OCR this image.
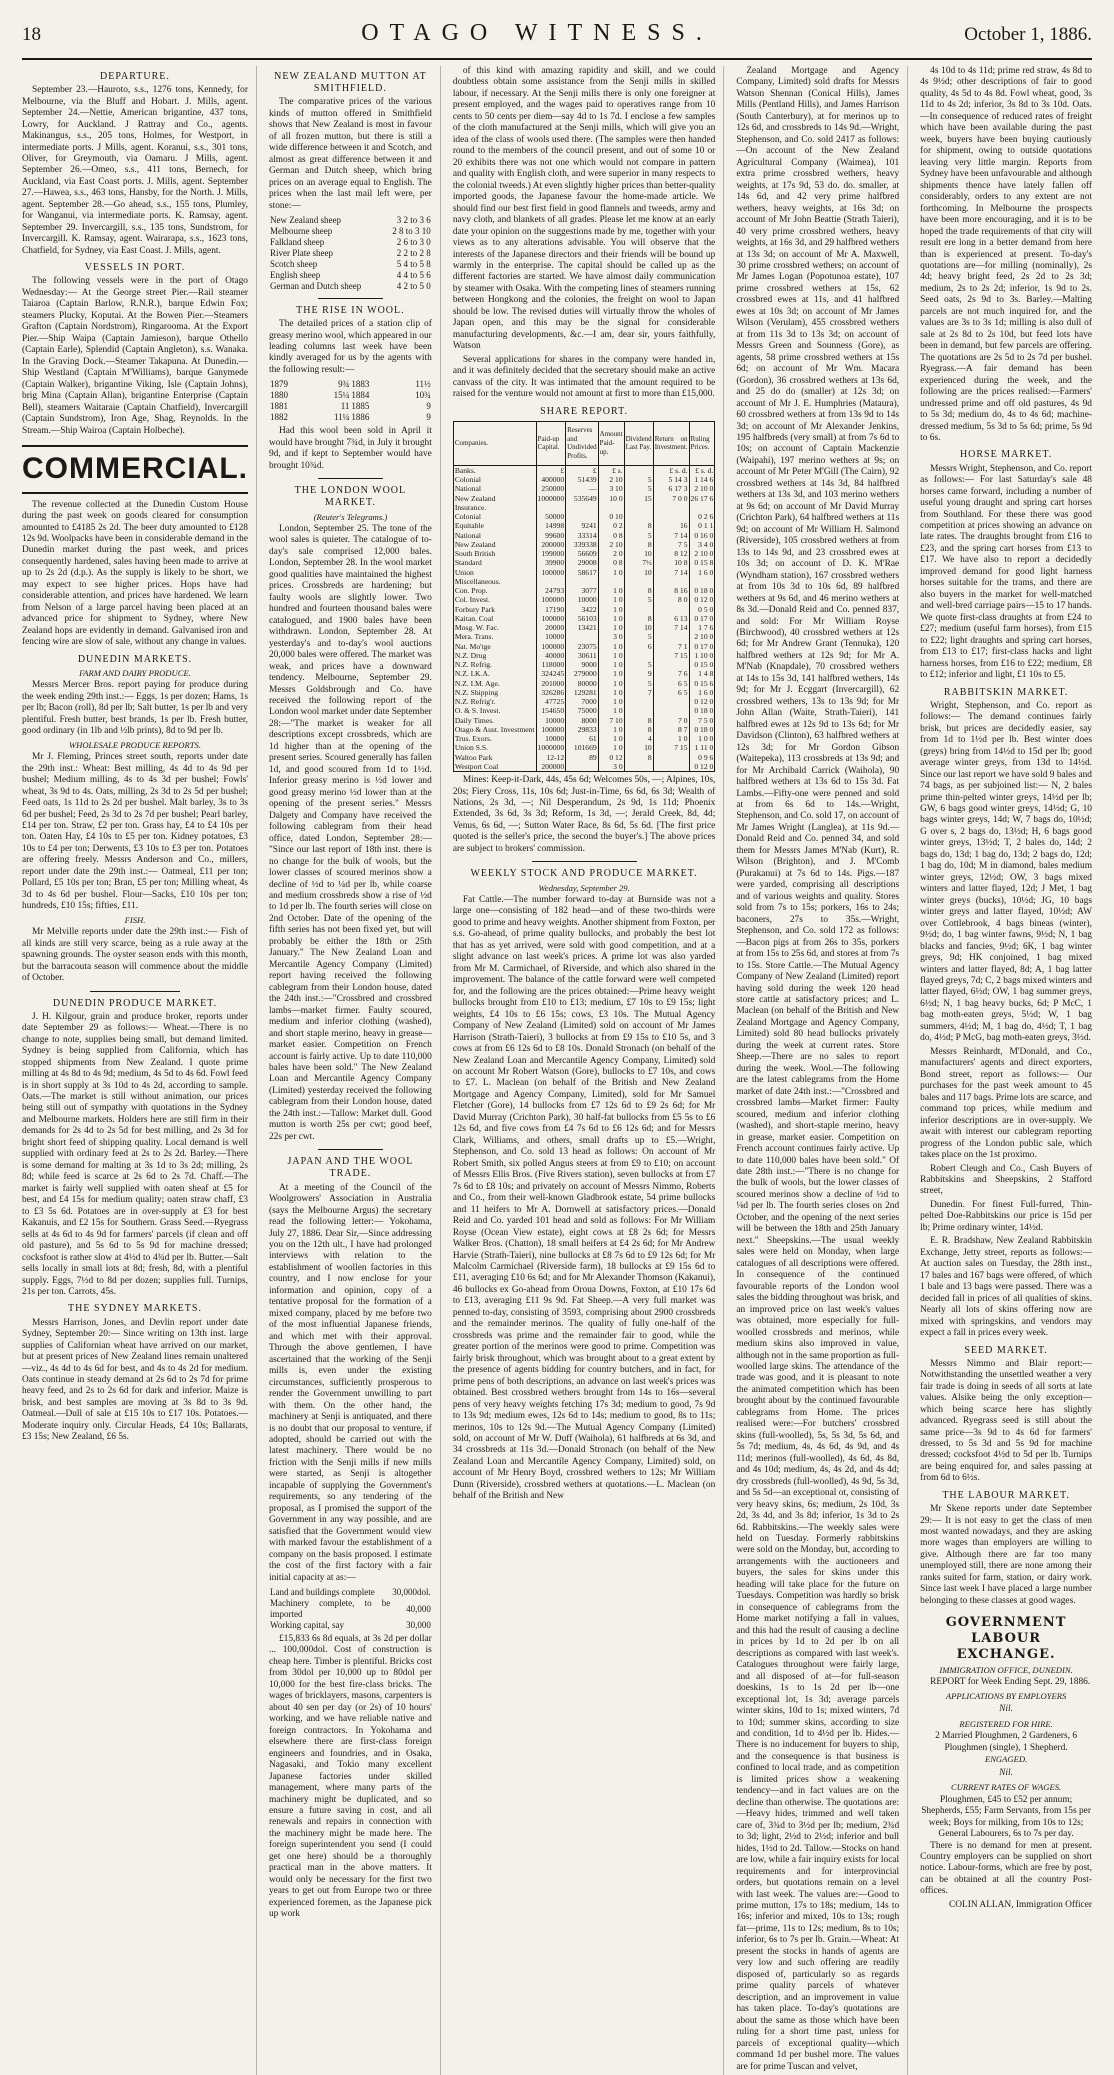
18	OTAGO WITNESS.	October 1, 1886.
DEPARTURE.

September 23.—Hauroto, s.s., 1276 tons, Kennedy, for Melbourne, via the Bluff and Hobart. J. Mills, agent. September 24.—Nettie, American brigantine, 437 tons, Lowry, for Auckland. J Rattray and Co., agents. Makinangus, s.s., 205 tons, Holmes, for Westport, in intermediate ports. J Mills, agent. Koranui, s.s., 301 tons, Oliver, for Greymouth, via Oamaru. J Mills, agent. September 26.—Omeo, s.s., 411 tons, Bernech, for Auckland, via East Coast ports. J. Mills, agent. September 27.—Hawea, s.s., 463 tons, Hansby, for the North. J. Mills, agent. September 28.—Go ahead, s.s., 155 tons, Plumley, for Wanganui, via intermediate ports. K. Ramsay, agent. September 29. Invercargill, s.s., 135 tons, Sundstrom, for Invercargill. K. Ramsay, agent. Wairarapa, s.s., 1623 tons, Chatfield, for Sydney, via East Coast. J. Mills, agent.

VESSELS IN PORT.

The following vessels were in the port of Otago Wednesday:— At the George street Pier.—Rail steamer Taiaroa (Captain Barlow, R.N.R.), barque Edwin Fox; steamers Plucky, Koputai. At the Bowen Pier.—Steamers Grafton (Captain Nordstrom), Ringarooma. At the Export Pier.—Ship Waipa (Captain Jamieson), barque Othello (Captain Earle), Splendid (Captain Angleton), s.s. Wanaka. In the Graving Dock.—Steamer Takapuna. At Dunedin.—Ship Westland (Captain M'Williams), barque Ganymede (Captain Walker), brigantine Viking, Isle (Captain Johns), brig Mina (Captain Allan), brigantine Enterprise (Captain Bell), steamers Waitaraie (Captain Chatfield), Invercargill (Captain Sundstrom), Iron Age, Shag, Reynolds. In the Stream.—Ship Wairoa (Captain Holbeche).

COMMERCIAL.

The revenue collected at the Dunedin Custom House during the past week on goods cleared for consumption amounted to £4185 2s 2d. The beer duty amounted to £128 12s 9d. Woolpacks have been in considerable demand in the Dunedin market during the past week, and prices consequently hardened, sales having been made to arrive at up to 2s 2d (d.p.). As the supply is likely to be short, we may expect to see higher prices. Hops have had considerable attention, and prices have hardened. We learn from Nelson of a large parcel having been placed at an advanced price for shipment to Sydney, where New Zealand hops are evidently in demand. Galvanised iron and fencing wire are slow of sale, without any change in values.

DUNEDIN MARKETS.
FARM AND DAIRY PRODUCE.

Messrs Mercer Bros. report paying for produce during the week ending 29th inst.:— Eggs, 1s per dozen; Hams, 1s per lb; Bacon (roll), 8d per lb; Salt butter, 1s per lb and very plentiful. Fresh butter, best brands, 1s per lb. Fresh butter, good ordinary (in 1lb and ½lb prints), 8d to 9d per lb.

WHOLESALE PRODUCE REPORTS.

Mr J. Fleming, Princes street south, reports under date the 29th inst.: Wheat: Best milling, 4s 4d to 4s 9d per bushel; Medium milling, 4s to 4s 3d per bushel; Fowls' wheat, 3s 9d to 4s. Oats, milling, 2s 3d to 2s 5d per bushel; Feed oats, 1s 11d to 2s 2d per bushel. Malt barley, 3s to 3s 6d per bushel; Feed, 2s 3d to 2s 7d per bushel; Pearl barley, £14 per ton. Straw, £2 per ton. Grass hay, £4 to £4 10s per ton. Oaten Hay, £4 10s to £5 per ton. Kidney potatoes, £3 10s to £4 per ton; Derwents, £3 10s to £3 per ton. Potatoes are offering freely. Messrs Anderson and Co., millers, report under date the 29th inst.:— Oatmeal, £11 per ton; Pollard, £5 10s per ton; Bran, £5 per ton; Milling wheat, 4s 3d to 4s 6d per bushel. Flour—Sacks, £10 10s per ton; hundreds, £10 15s; fifties, £11.

FISH.

Mr Melville reports under date the 29th inst.:— Fish of all kinds are still very scarce, being as a rule away at the spawning grounds. The oyster season ends with this month, but the barracouta season will commence about the middle of October.

DUNEDIN PRODUCE MARKET.

J. H. Kilgour, grain and produce broker, reports under date September 29 as follows:— Wheat.—There is no change to note, supplies being small, but demand limited. Sydney is being supplied from California, which has stopped shipments from New Zealand. I quote prime milling at 4s 8d to 4s 9d; medium, 4s 5d to 4s 6d. Fowl feed is in short supply at 3s 10d to 4s 2d, according to sample. Oats.—The market is still without animation, our prices being still out of sympathy with quotations in the Sydney and Melbourne markets. Holders here are still firm in their demands for 2s 4d to 2s 5d for best milling, and 2s 3d for bright short feed of shipping quality. Local demand is well supplied with ordinary feed at 2s to 2s 2d. Barley.—There is some demand for malting at 3s 1d to 3s 2d; milling, 2s 8d; while feed is scarce at 2s 6d to 2s 7d. Chaff.—The market is fairly well supplied with oaten sheaf at £5 for best, and £4 15s for medium quality; oaten straw chaff, £3 to £3 5s 6d. Potatoes are in over-supply at £3 for best Kakanuis, and £2 15s for Southern. Grass Seed.—Ryegrass sells at 4s 6d to 4s 9d for farmers' parcels (if clean and off old pasture), and 5s 6d to 5s 9d for machine dressed; cocksfoot is rather slow at 4½d to 4¾d per lb. Butter.—Salt sells locally in small lots at 8d; fresh, 8d, with a plentiful supply. Eggs, 7½d to 8d per dozen; supplies full. Turnips, 21s per ton. Carrots, 45s.

THE SYDNEY MARKETS.

Messrs Harrison, Jones, and Devlin report under date Sydney, September 20:— Since writing on 13th inst. large supplies of Californian wheat have arrived on our market, but at present prices of New Zealand lines remain unaltered—viz., 4s 4d to 4s 6d for best, and 4s to 4s 2d for medium. Oats continue in steady demand at 2s 6d to 2s 7d for prime heavy feed, and 2s to 2s 6d for dark and inferior. Maize is brisk, and best samples are moving at 3s 8d to 3s 9d. Oatmeal.—Dull of sale at £15 10s to £17 10s. Potatoes.—Moderate inquiry only. Circular Heads, £4 10s; Ballarats, £3 15s; New Zealand, £6 5s.

NEW ZEALAND MUTTON AT SMITHFIELD.

The comparative prices of the various kinds of mutton offered in Smithfield shows that New Zealand is most in favour of all frozen mutton, but there is still a wide difference between it and Scotch, and almost as great difference between it and German and Dutch sheep, which bring prices on an average equal to English. The prices when the last mail left were, per stone:—

New Zealand sheep	3 2 to 3 6
Melbourne sheep	2 8 to 3 10
Falkland sheep	2 6 to 3 0
River Plate sheep	2 2 to 2 8
Scotch sheep	5 4 to 5 8
English sheep	4 4 to 5 6
German and Dutch sheep	4 2 to 5 0
THE RISE IN WOOL.

The detailed prices of a station clip of greasy merino wool, which appeared in our leading columns last week have been kindly averaged for us by the agents with the following result:—

1879	9¾	1883	11½
1880	15¼	1884	10¾
1881	11	1885	9
1882	11¼	1886	9

Had this wool been sold in April it would have brought 7¾d, in July it brought 9d, and if kept to September would have brought 10¾d.

THE LONDON WOOL MARKET.
(Reuter's Telegrams.)

London, September 25. The tone of the wool sales is quieter. The catalogue of to-day's sale comprised 12,000 bales. London, September 28. In the wool market good qualities have maintained the highest prices. Crossbreds are hardening; but faulty wools are slightly lower. Two hundred and fourteen thousand bales were catalogued, and 1900 bales have been withdrawn. London, September 28. At yesterday's and to-day's wool auctions 20,000 bales were offered. The market was weak, and prices have a downward tendency. Melbourne, September 29. Messrs Goldsbrough and Co. have received the following report of the London wool market under date September 28:—"The market is weaker for all descriptions except crossbreds, which are 1d higher than at the opening of the present series. Scoured generally has fallen 1d, and good scoured from 1d to 1½d. Inferior greasy merino is ½d lower and good greasy merino ½d lower than at the opening of the present series." Messrs Dalgety and Company have received the following cablegram from their head office, dated London, September 28:— "Since our last report of 18th inst. there is no change for the bulk of wools, but the lower classes of scoured merinos show a decline of ½d to ¼d per lb, while coarse and medium crossbreds show a rise of ½d to 1d per lb. The fourth series will close on 2nd October. Date of the opening of the fifth series has not been fixed yet, but will probably be either the 18th or 25th January." The New Zealand Loan and Mercantile Agency Company (Limited) report having received the following cablegram from their London house, dated the 24th inst.:—"Crossbred and crossbred lambs—market firmer. Faulty scoured, medium and inferior clothing (washed), and short staple merino, heavy in grease—market easier. Competition on French account is fairly active. Up to date 110,000 bales have been sold." The New Zealand Loan and Mercantile Agency Company (Limited) yesterday received the following cablegram from their London house, dated the 24th inst.:—Tallow: Market dull. Good mutton is worth 25s per cwt; good beef, 22s per cwt.

JAPAN AND THE WOOL TRADE.

At a meeting of the Council of the Woolgrowers' Association in Australia (says the Melbourne Argus) the secretary read the following letter:— Yokohama, July 27, 1886. Dear Sir,—Since addressing you on the 12th ult., I have had prolonged interviews with relation to the establishment of woollen factories in this country, and I now enclose for your information and opinion, copy of a tentative proposal for the formation of a mixed company, placed by me before two of the most influential Japanese friends, and which met with their approval. Through the above gentlemen, I have ascertained that the working of the Senji mills is, even under the existing circumstances, sufficiently prosperous to render the Government unwilling to part with them. On the other hand, the machinery at Senji is antiquated, and there is no doubt that our proposal to venture, if adopted, should be carried out with the latest machinery. There would be no friction with the Senji mills if new mills were started, as Senji is altogether incapable of supplying the Government's requirements, so any tendering of the proposal, as I promised the support of the Government in any way possible, and are satisfied that the Government would view with marked favour the establishment of a company on the basis proposed. I estimate the cost of the first factory with a fair initial capacity at as:—

Land and buildings complete	30,000dol.
Machinery complete, to be imported	40,000
Working capital, say	30,000

£15,833 6s 8d equals, at 3s 2d per dollar ... 100,000dol. Cost of construction is cheap here. Timber is plentiful. Bricks cost from 30dol per 10,000 up to 80dol per 10,000 for the best fire-class bricks. The wages of bricklayers, masons, carpenters is about 40 sen per day (or 2s) of 10 hours' working, and we have reliable native and foreign contractors. In Yokohama and elsewhere there are first-class foreign engineers and foundries, and in Osaka, Nagasaki, and Tokio many excellent Japanese factories under skilled management, where many parts of the machinery might be duplicated, and so ensure a future saving in cost, and all renewals and repairs in connection with the machinery might be made here. The foreign superintendent you send (I could get one here) should be a thoroughly practical man in the above matters. It would only be necessary for the first two years to get out from Europe two or three experienced foremen, as the Japanese pick up work

of this kind with amazing rapidity and skill, and we could doubtless obtain some assistance from the Senji mills in skilled labour, if necessary. At the Senji mills there is only one foreigner at present employed, and the wages paid to operatives range from 10 cents to 50 cents per diem—say 4d to 1s 7d. I enclose a few samples of the cloth manufactured at the Senji mills, which will give you an idea of the class of wools used there. (The samples were then handed round to the members of the council present, and out of some 10 or 20 exhibits there was not one which would not compare in pattern and quality with English cloth, and were superior in many respects to the colonial tweeds.) At even slightly higher prices than better-quality imported goods, the Japanese favour the home-made article. We should find our best first field in good flannels and tweeds, army and navy cloth, and blankets of all grades. Please let me know at an early date your opinion on the suggestions made by me, together with your views as to any alterations advisable. You will observe that the interests of the Japanese directors and their friends will be bound up warmly in the enterprise. The capital should be called up as the different factories are started. We have almost daily communication by steamer with Osaka. With the competing lines of steamers running between Hongkong and the colonies, the freight on wool to Japan should be low. The revised duties will virtually throw the wholes of Japan open, and this may be the signal for considerable manufacturing developments, &c.—I am, dear sir, yours faithfully, Watson

Several applications for shares in the company were handed in, and it was definitely decided that the secretary should make an active canvass of the city. It was intimated that the amount required to be raised for the venture would not amount at first to more than £15,000.

SHARE REPORT.
Companies.	Paid-up Capital.	Reserves and Undivided Profits.	Amount Paid-up.	Dividend Last Pay.	Return on Investment.	Ruling Prices.
Banks.	£	£	£ s.		£ s. d.	£ s. d.
Colonial	400000	51439	2 10	5	5 14 3	1 14 6
National	250000	—	3 10	5	6 17 3	2 10 0
New Zealand	1000000	535649	10 0	15	7 0 0	26 17 6
Insurance.						
Colonial	50000		0 10			0 2 6
Equitable	14998	9241	0 2	8	16	0 1 1
National	99600	33314	0 8	5	7 14	0 16 0
New Zealand	200000	339338	2 10	8	7 5	3 4 0
South British	199000	56609	2 0	10	8 12	2 10 0
Standard	39900	29008	0 8	7½	10 8	0 15 8
Union	100000	58617	1 0	10	7 14	1 6 0
Miscellaneous.						
Con. Prop.	24793	3077	1 0	8	8 16	0 18 0
Col. Invest.	100000	10000	1 0	5	8 0	0 12 0
Forbury Park	17190	3422	1 0			0 5 0
Kaitan. Coal	100000	56103	1 0	8	6 13	0 17 0
Mosg. W. Fac.	20000	13421	1 0	10	7 14	1 7 6
Mera. Trans.	10000		3 0	5		2 10 0
Nat. Mo'tge	100000	23075	1 0	6	7 1	0 17 0
N.Z. Drug	40000	30611	1 0		7 15	1 10 0
N.Z. Refrig.	118000	9000	1 0	5		0 15 0
N.Z. I.K.A.	324245	279000	1 0	9	7 6	1 4 8
N.Z. I.M. Age.	201000	80000	1 0	5	6 5	0 15 6
N.Z. Shipping	326286	129281	1 0	7	6 5	1 6 0
N.Z. Refrig'r.	47725	7000	1 0			0 12 0
O. & S. Invest.	154650	75000	1 0			0 18 0
Daily Times.	10000	8000	7 10	8	7 0	7 5 0
Otago & Aust. Investment	100000	29833	1 0	8	8 7	0 18 0
Trus. Exors.	10000	61	1 0	4	1 0	1 0 0
Union S.S.	1000000	101669	1 0	10	7 15	1 11 0
Waltoo Park	12-12	89	0 12	8		0 9 6
Westport Coal	200000		3 0			0 12 0

Mines: Keep-it-Dark, 44s, 45s 6d; Welcomes 50s, —; Alpines, 10s, 20s; Fiery Cross, 11s, 10s 6d; Just-in-Time, 6s 6d, 6s 3d; Wealth of Nations, 2s 3d, —; Nil Desperandum, 2s 9d, 1s 11d; Phoenix Extended, 3s 6d, 3s 3d; Reform, 1s 3d, —; Jerald Creek, 8d, 4d; Venus, 6s 6d, —; Sutton Water Race, 8s 6d, 5s 6d. [The first price quoted is the seller's price, the second the buyer's.] The above prices are subject to brokers' commission.

WEEKLY STOCK AND PRODUCE MARKET.
Wednesday, September 29.

Fat Cattle.—The number forward to-day at Burnside was not a large one—consisting of 182 head—and of these two-thirds were good to prime and heavy weights. Another shipment from Foxton, per s.s. Go-ahead, of prime quality bullocks, and probably the best lot that has as yet arrived, were sold with good competition, and at a slight advance on last week's prices. A prime lot was also yarded from Mr M. Carmichael, of Riverside, and which also shared in the improvement. The balance of the cattle forward were well competed for, and the following are the prices obtained:—Prime heavy weight bullocks brought from £10 to £13; medium, £7 10s to £9 15s; light weights, £4 10s to £6 15s; cows, £3 10s. The Mutual Agency Company of New Zealand (Limited) sold on account of Mr James Harrison (Strath-Taieri), 3 bullocks at from £9 15s to £10 5s, and 3 cows at from £6 12s 6d to £8 10s. Donald Stronach (on behalf of the New Zealand Loan and Mercantile Agency Company, Limited) sold on account Mr Robert Watson (Gore), bullocks to £7 10s, and cows to £7. L. Maclean (on behalf of the British and New Zealand Mortgage and Agency Company, Limited), sold for Mr Samuel Fletcher (Gore), 14 bullocks from £7 12s 6d to £9 2s 6d; for Mr David Murray (Crichton Park), 30 half-fat bullocks from £5 5s to £6 12s 6d, and five cows from £4 7s 6d to £6 12s 6d; and for Messrs Clark, Williams, and others, small drafts up to £5.—Wright, Stephenson, and Co. sold 13 head as follows: On account of Mr Robert Smith, six polled Angus steers at from £9 to £10; on account of Messrs Ellis Bros. (Five Rivers station), seven bullocks at from £7 7s 6d to £8 10s; and privately on account of Messrs Nimmo, Roberts and Co., from their well-known Gladbrook estate, 54 prime bullocks and 11 heifers to Mr A. Dornwell at satisfactory prices.—Donald Reid and Co. yarded 101 head and sold as follows: For Mr William Royse (Ocean View estate), eight cows at £8 2s 6d; for Messrs Walker Bros. (Chatton), 18 small heifers at £4 2s 6d; for Mr Andrew Harvie (Strath-Taieri), nine bullocks at £8 7s 6d to £9 12s 6d; for Mr Malcolm Carmichael (Riverside farm), 18 bullocks at £9 15s 6d to £11, averaging £10 6s 6d; and for Mr Alexander Thomson (Kakanui), 46 bullocks ex Go-ahead from Oroua Downs, Foxton, at £10 17s 6d to £13, averaging £11 9s 9d. Fat Sheep.—A very full market was penned to-day, consisting of 3593, comprising about 2900 crossbreds and the remainder merinos. The quality of fully one-half of the crossbreds was prime and the remainder fair to good, while the greater portion of the merinos were good to prime. Competition was fairly brisk throughout, which was brought about to a great extent by the presence of agents bidding for country butchers, and in fact, for prime pens of both descriptions, an advance on last week's prices was obtained. Best crossbred wethers brought from 14s to 16s—several pens of very heavy weights fetching 17s 3d; medium to good, 7s 9d to 13s 9d; medium ewes, 12s 6d to 14s; medium to good, 8s to 11s; merinos, 10s to 12s 9d.—The Mutual Agency Company (Limited) sold, on account of Mr W. Duff (Waihola), 61 halfbreds at 6s 3d, and 34 crossbreds at 11s 3d.—Donald Stronach (on behalf of the New Zealand Loan and Mercantile Agency Company, Limited) sold, on account of Mr Henry Boyd, crossbred wethers to 12s; Mr William Dunn (Riverside), crossbred wethers at quotations.—L. Maclean (on behalf of the British and New

Zealand Mortgage and Agency Company, Limited) sold drafts for Messrs Watson Shennan (Conical Hills), James Mills (Pentland Hills), and James Harrison (South Canterbury), at for merinos up to 12s 6d, and crossbreds to 14s 9d.—Wright, Stephenson, and Co. sold 2417 as follows:—On account of the New Zealand Agricultural Company (Waimea), 101 extra prime crossbred wethers, heavy weights, at 17s 9d, 53 do. do. smaller, at 14s 6d, and 42 very prime halfbred wethers, heavy weights, at 16s 3d; on account of Mr John Beattie (Strath Taieri), 40 very prime crossbred wethers, heavy weights, at 16s 3d, and 29 halfbred wethers at 13s 3d; on account of Mr A. Maxwell, 30 prime crossbred wethers; on account of Mr James Logan (Popotunoa estate), 107 prime crossbred wethers at 15s, 62 crossbred ewes at 11s, and 41 halfbred ewes at 10s 3d; on account of Mr James Wilson (Verulam), 455 crossbred wethers at from 11s 3d to 13s 3d; on account of Messrs Green and Sounness (Gore), as agents, 58 prime crossbred wethers at 15s 6d; on account of Mr Wm. Macara (Gordon), 36 crossbred wethers at 13s 6d, and 25 do do (smaller) at 12s 3d; on account of Mr J. E. Humphries (Mataura), 60 crossbred wethers at from 13s 9d to 14s 3d; on account of Mr Alexander Jenkins, 195 halfbreds (very small) at from 7s 6d to 10s; on account of Captain Mackenzie (Waipahi), 197 merino wethers at 9s; on account of Mr Peter M'Gill (The Cairn), 92 crossbred wethers at 14s 3d, 84 halfbred wethers at 13s 3d, and 103 merino wethers at 9s 6d; on account of Mr David Murray (Crichton Park), 64 halfbred wethers at 11s 9d; on account of Mr William H. Salmond (Riverside), 105 crossbred wethers at from 13s to 14s 9d, and 23 crossbred ewes at 10s 3d; on account of D. K. M'Rae (Wyndham station), 167 crossbred wethers at from 10s 3d to 10s 6d, 89 halfbred wethers at 9s 6d, and 46 merino wethers at 8s 3d.—Donald Reid and Co. penned 837, and sold: For Mr William Royse (Birchwood), 40 crossbred wethers at 12s 6d; for Mr Andrew Grant (Tennuka), 120 halfbred wethers at 12s 9d; for Mr A. M'Nab (Knapdale), 70 crossbred wethers at 14s to 15s 3d, 141 halfbred wethers, 14s 9d; for Mr J. Ecggart (Invercargill), 62 crossbred wethers, 13s to 13s 9d; for Mr John Allan (Waite, Strath-Taieri), 141 halfbred ewes at 12s 9d to 13s 6d; for Mr Davidson (Clinton), 63 halfbred wethers at 12s 3d; for Mr Gordon Gibson (Waitepeka), 113 crossbreds at 13s 9d; and for Mr Archibald Carrick (Waihola), 90 halfbred wethers at 13s 6d to 15s 3d. Fat Lambs.—Fifty-one were penned and sold at from 6s 6d to 14s.—Wright, Stephenson, and Co. sold 17, on account of Mr James Wright (Langlea), at 11s 9d.—Donald Reid and Co. penned 34, and sold them for Messrs James M'Nab (Kurt), R. Wilson (Brighton), and J. M'Comb (Purakanui) at 7s 6d to 14s. Pigs.—187 were yarded, comprising all descriptions and of various weights and quality. Stores sold from 7s to 15s; porkers, 16s to 24s; baconers, 27s to 35s.—Wright, Stephenson, and Co. sold 172 as follows:—Bacon pigs at from 26s to 35s, porkers at from 15s to 25s 6d, and stores at from 7s to 15s. Store Cattle.—The Mutual Agency Company of New Zealand (Limited) report having sold during the week 120 head store cattle at satisfactory prices; and L. Maclean (on behalf of the British and New Zealand Mortgage and Agency Company, Limited) sold 80 head bullocks privately during the week at current rates. Store Sheep.—There are no sales to report during the week. Wool.—The following are the latest cablegrams from the Home market of date 24th inst.:—"Crossbred and crossbred lambs—Market firmer: Faulty scoured, medium and inferior clothing (washed), and short-staple merino, heavy in grease, market easier. Competition on French account continues fairly active. Up to date 110,000 bales have been sold." Of date 28th inst.:—"There is no change for the bulk of wools, but the lower classes of scoured merinos show a decline of ½d to ⅛d per lb. The fourth series closes on 2nd October, and the opening of the next series will be between the 18th and 25th January next." Sheepskins.—The usual weekly sales were held on Monday, when large catalogues of all descriptions were offered. In consequence of the continued favourable reports of the London wool sales the bidding throughout was brisk, and an improved price on last week's values was obtained, more especially for full-woolled crossbreds and merinos, while medium skins also improved in value, although not in the same proportion as full-woolled large skins. The attendance of the trade was good, and it is pleasant to note the animated competition which has been brought about by the continued favourable cablegrams from Home. The prices realised were:—For butchers' crossbred skins (full-woolled), 5s, 5s 3d, 5s 6d, and 5s 7d; medium, 4s, 4s 6d, 4s 9d, and 4s 11d; merinos (full-woolled), 4s 6d, 4s 8d, and 4s 10d; medium, 4s, 4s 2d, and 4s 4d; dry crossbreds (full-woolled), 4s 9d, 5s 3d, and 5s 5d—an exceptional ot, consisting of very heavy skins, 6s; medium, 2s 10d, 3s 2d, 3s 4d, and 3s 8d; inferior, 1s 3d to 2s 6d. Rabbitskins.—The weekly sales were held on Tuesday. Formerly rabbitskins were sold on the Monday, but, according to arrangements with the auctioneers and buyers, the sales for skins under this heading will take place for the future on Tuesdays. Competition was hardly so brisk in consequence of cablegrams from the Home market notifying a fall in values, and this had the result of causing a decline in prices by 1d to 2d per lb on all descriptions as compared with last week's. Catalogues throughout were fairly large, and all disposed of at—for full-season doeskins, 1s to 1s 2d per lb—one exceptional lot, 1s 3d; average parcels winter skins, 10d to 1s; mixed winters, 7d to 10d; summer skins, according to size and condition, 1d to 4½d per lb. Hides.—There is no inducement for buyers to ship, and the consequence is that business is confined to local trade, and as competition is limited prices show a weakening tendency—and in fact values are on the decline than otherwise. The quotations are:—Heavy hides, trimmed and well taken care of, 3¾d to 3½d per lb; medium, 2¾d to 3d; light, 2½d to 2½d; inferior and bull hides, 1½d to 2d. Tallow.—Stocks on hand are low, while a fair inquiry exists for local requirements and for interprovincial orders, but quotations remain on a level with last week. The values are:—Good to prime mutton, 17s to 18s; medium, 14s to 16s; inferior and mixed, 10s to 13s; rough fat—prime, 11s to 12s; medium, 8s to 10s; inferior, 6s to 7s per lb. Grain.—Wheat: At present the stocks in hands of agents are very low and such offering are readily disposed of, particularly so as regards prime quality parcels of whatever description, and an improvement in value has taken place. To-day's quotations are about the same as those which have been ruling for a short time past, unless for parcels of exceptional quality—which command 1d per bushel more. The values are for prime Tuscan and velvet,

4s 10d to 4s 11d; prime red straw, 4s 8d to 4s 9½d; other descriptions of fair to good quality, 4s 5d to 4s 8d. Fowl wheat, good, 3s 11d to 4s 2d; inferior, 3s 8d to 3s 10d. Oats.—In consequence of reduced rates of freight which have been available during the past week, buyers have been buying cautiously for shipment, owing to outside quotations leaving very little margin. Reports from Sydney have been unfavourable and although shipments thence have lately fallen off considerably, orders to any extent are not forthcoming. In Melbourne the prospects have been more encouraging, and it is to be hoped the trade requirements of that city will result ere long in a better demand from here than is experienced at present. To-day's quotations are—for milling (nominally), 2s 4d; heavy bright feed, 2s 2d to 2s 3d; medium, 2s to 2s 2d; inferior, 1s 9d to 2s. Seed oats, 2s 9d to 3s. Barley.—Malting parcels are not much inquired for, and the values are 3s to 3s 1d; milling is also dull of sale at 2s 8d to 2s 10d, but feed lots have been in demand, but few parcels are offering. The quotations are 2s 5d to 2s 7d per bushel. Ryegrass.—A fair demand has been experienced during the week, and the following are the prices realised:—Farmers' undressed prime and off old pastures, 4s 9d to 5s 3d; medium do, 4s to 4s 6d; machine-dressed medium, 5s 3d to 5s 6d; prime, 5s 9d to 6s.

HORSE MARKET.

Messrs Wright, Stephenson, and Co. report as follows:— For last Saturday's sale 48 horses came forward, including a number of useful young draught and spring cart horses from Southland. For these there was good competition at prices showing an advance on late rates. The draughts brought from £16 to £23, and the spring cart horses from £13 to £17. We have also to report a decidedly improved demand for good light harness horses suitable for the trams, and there are also buyers in the market for well-matched and well-bred carriage pairs—15 to 17 hands. We quote first-class draughts at from £24 to £27; medium (useful farm horses), from £15 to £22; light draughts and spring cart horses, from £13 to £17; first-class hacks and light harness horses, from £16 to £22; medium, £8 to £12; inferior and light, £1 10s to £5.

RABBITSKIN MARKET.

Wright, Stephenson, and Co. report as follows:— The demand continues fairly brisk, but prices are decidedly easier, say from 1d to 1½d per lb. Best winter does (greys) bring from 14½d to 15d per lb; good average winter greys, from 13d to 14½d. Since our last report we have sold 9 bales and 74 bags, as per subjoined list:— N, 2 bales prime thin-pelted winter greys, 14½d per lb; GW, 6 bags good winter greys, 14½d; G, 10 bags winter greys, 14d; W, 7 bags do, 10½d; G over s, 2 bags do, 13½d; H, 6 bags good winter greys, 13½d; T, 2 bales do, 14d; 2 bags do, 13d; 1 bag do, 13d; 2 bags do, 12d; 1 bag do, 10d; M in diamond, bales medium winter greys, 12½d; OW, 3 bags mixed winters and latter flayed, 12d; J Met, 1 bag winter greys (bucks), 10½d; JG, 10 bags winter greys and latter flayed, 10½d; AW over Cottlebrook, 4 bags bineas (winter), 9½d; do, 1 bag winter fawns, 9½d; N, 1 bag blacks and fancies, 9½d; 6K, 1 bag winter greys, 9d; HK conjoined, 1 bag mixed winters and latter flayed, 8d; A, 1 bag latter flayed greys, 7d; C, 2 bags mixed winters and latter flayed, 6½d; OW, 1 bag summer greys, 6½d; N, 1 bag heavy bucks, 6d; P McC, 1 bag moth-eaten greys, 5½d; W, 1 bag summers, 4½d; M, 1 bag do, 4½d; T, 1 bag do, 4½d; P McG, bag moth-eaten greys, 3½d.

Messrs Reinhardt, M'Donald, and Co., manufacturers' agents and direct exporters, Bond street, report as follows:— Our purchases for the past week amount to 45 bales and 117 bags. Prime lots are scarce, and command top prices, while medium and inferior descriptions are in over-supply. We await with interest our cablegram reporting progress of the London public sale, which takes place on the 1st proximo.

Robert Cleugh and Co., Cash Buyers of Rabbitskins and Sheepskins, 2 Stafford street,

Dunedin. For finest Full-furred, Thin-pelted Doe-Rabbitskins our price is 15d per lb; Prime ordinary winter, 14½d.

E. R. Bradshaw, New Zealand Rabbitskin Exchange, Jetty street, reports as follows:— At auction sales on Tuesday, the 28th inst., 17 bales and 167 bags were offered, of which 1 bale and 13 bags were passed. There was a decided fall in prices of all qualities of skins. Nearly all lots of skins offering now are mixed with springskins, and vendors may expect a fall in prices every week.

SEED MARKET.

Messrs Nimmo and Blair report:—Notwithstanding the unsettled weather a very fair trade is doing in seeds of all sorts at late values. Alsike being the only exception—which being scarce here has slightly advanced. Ryegrass seed is still about the same price—3s 9d to 4s 6d for farmers' dressed, to 5s 3d and 5s 9d for machine dressed; cocksfoot 4½d to 5d per lb. Turnips are being enquired for, and sales passing at from 6d to 6½s.

THE LABOUR MARKET.

Mr Skene reports under date September 29:— It is not easy to get the class of men most wanted nowadays, and they are asking more wages than employers are willing to give. Although there are far too many unemployed still, there are none among their ranks suited for farm, station, or dairy work. Since last week I have placed a large number belonging to these classes at good wages.

GOVERNMENT LABOUR EXCHANGE.
IMMIGRATION OFFICE, DUNEDIN.

REPORT for Week Ending Sept. 29, 1886.

APPLICATIONS BY EMPLOYERS
Nil.
REGISTERED FOR HIRE.
2 Married Ploughmen, 2 Gardeners, 6 Ploughmen (single), 1 Shepherd.
ENGAGED.
Nil.
CURRENT RATES OF WAGES.
Ploughmen, £45 to £52 per annum; Shepherds, £55; Farm Servants, from 15s per week; Boys for milking, from 10s to 12s; General Labourers, 6s to 7s per day.

There is no demand for men at present. Country employers can be supplied on short notice. Labour-forms, which are free by post, can be obtained at all the country Post-offices.

COLIN ALLAN, Immigration Officer
